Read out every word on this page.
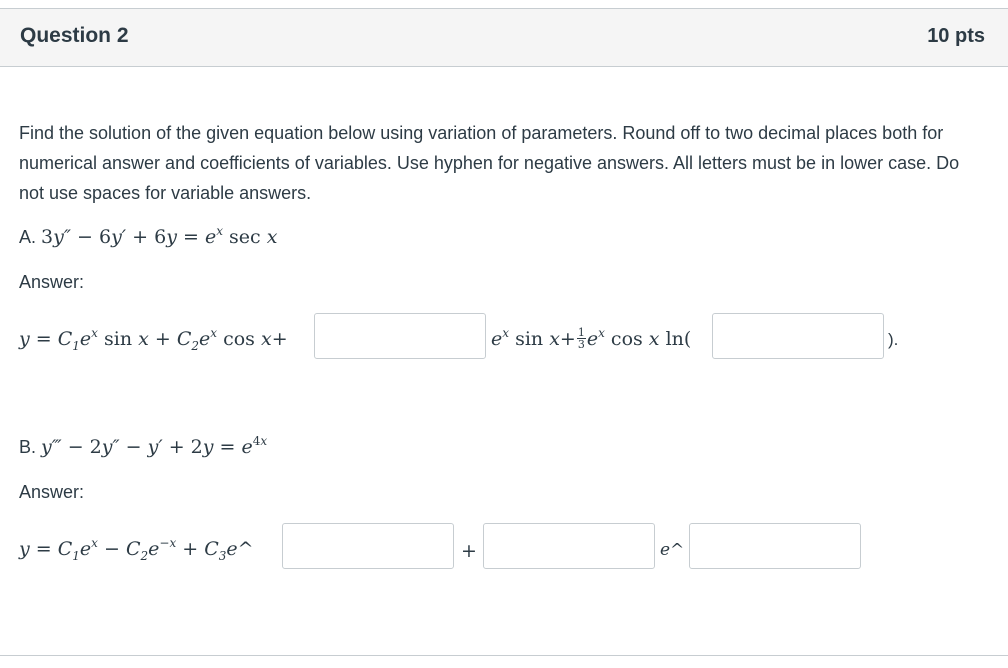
Question 2	10 pts
Find the solution of the given equation below using variation of parameters. Round off to two decimal places both for numerical answer and coefficients of variables. Use hyphen for negative answers. All letters must be in lower case. Do not use spaces for variable answers.
A. $3y'' - 6y' + 6y = e^x$ sec x
Answer:
$y = C_1e^x$ $\sin x + C_2e^x$ cos x+	$e^x$ $\sin x+ \frac{1}{3} e^x$ cos x ln(	).
B. y‴ − $2y'' - y' + 2y = e^{4x}$
Answer:
$y = C_1e^x - C_2e^{-x}$ + $C_3e\^{}$	+	e^
